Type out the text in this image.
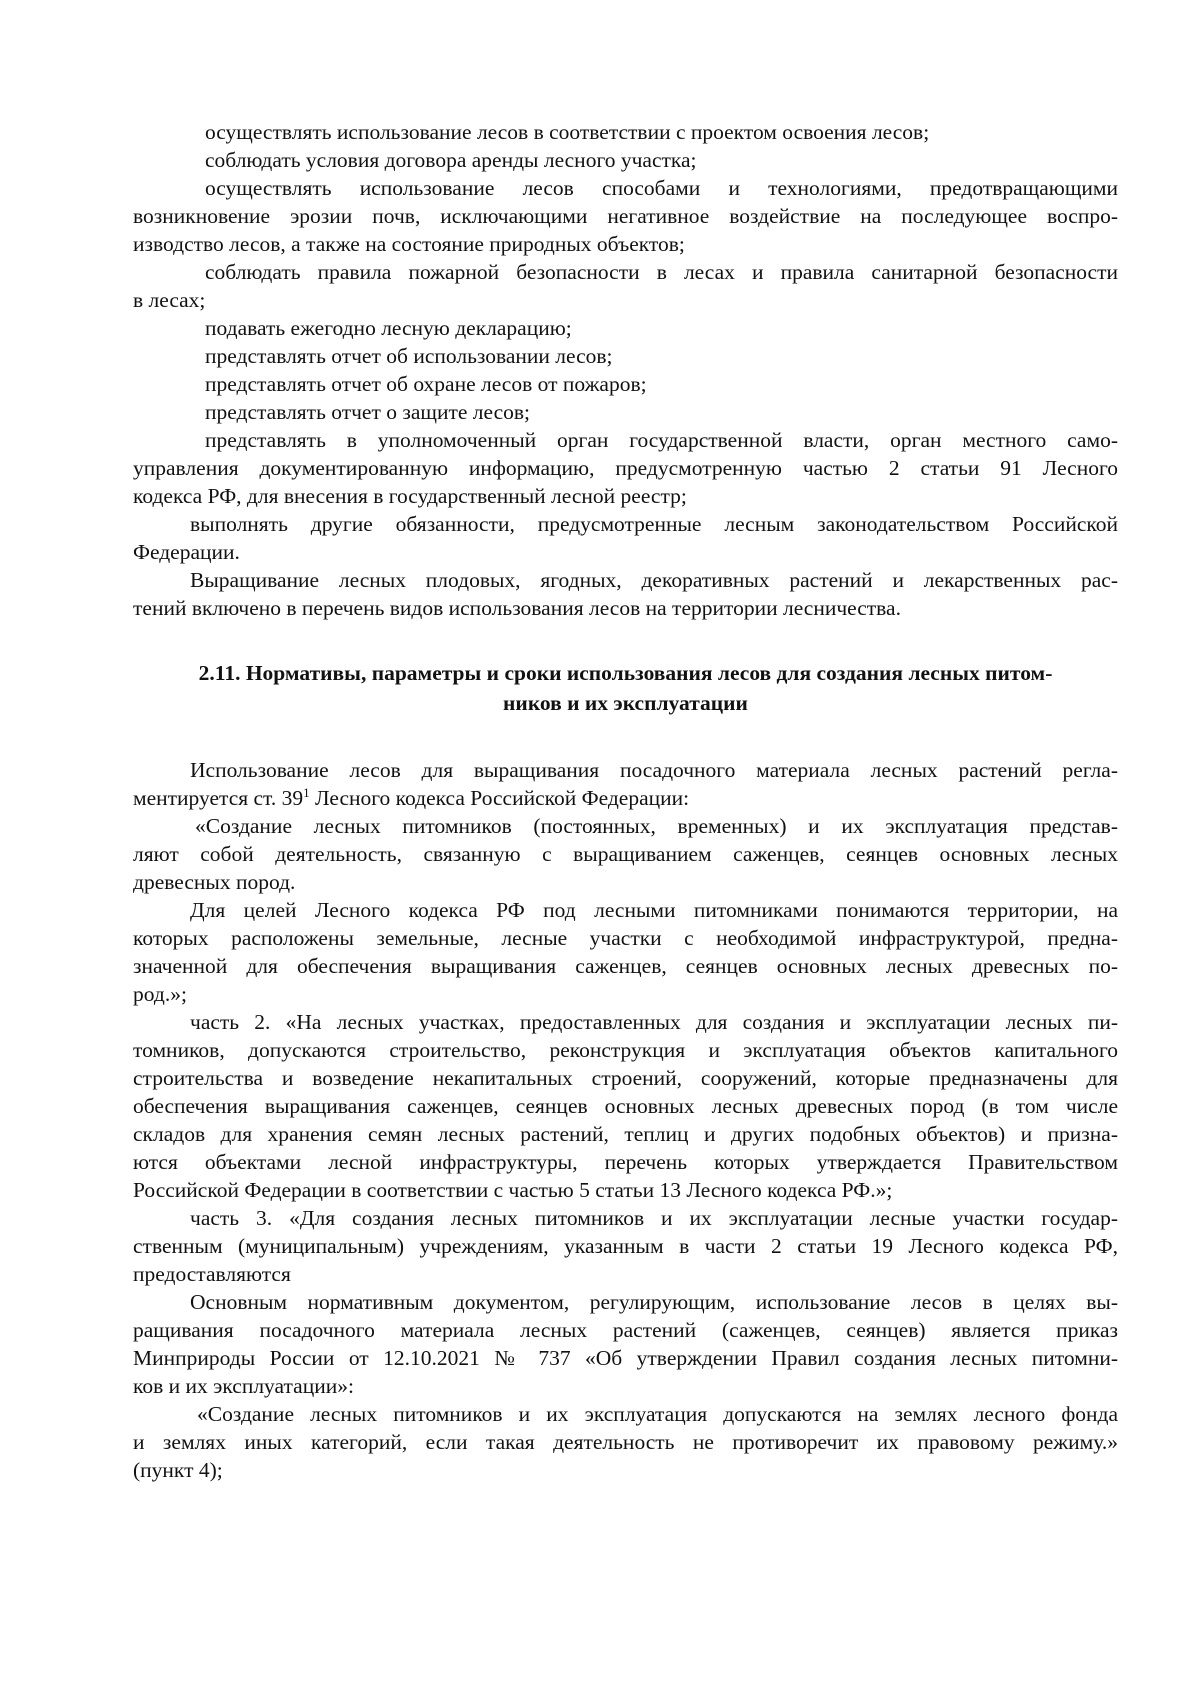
осуществлять использование лесов в соответствии с проектом освоения лесов;
соблюдать условия договора аренды лесного участка;
осуществлять использование лесов способами и технологиями, предотвращающими
возникновение эрозии почв, исключающими негативное воздействие на последующее воспро-
изводство лесов, а также на состояние природных объектов;
соблюдать правила пожарной безопасности в лесах и правила санитарной безопасности
в лесах;
подавать ежегодно лесную декларацию;
представлять отчет об использовании лесов;
представлять отчет об охране лесов от пожаров;
представлять отчет о защите лесов;
представлять в уполномоченный орган государственной власти, орган местного само-
управления документированную информацию, предусмотренную частью 2 статьи 91 Лесного
кодекса РФ, для внесения в государственный лесной реестр;
выполнять другие обязанности, предусмотренные лесным законодательством Российской
Федерации.
Выращивание лесных плодовых, ягодных, декоративных растений и лекарственных рас-
тений включено в перечень видов использования лесов на территории лесничества.
2.11. Нормативы, параметры и сроки использования лесов для создания лесных питом-
ников и их эксплуатации
Использование лесов для выращивания посадочного материала лесных растений регла-
ментируется ст. $39^1$ Лесного кодекса Российской Федерации:
«Создание лесных питомников (постоянных, временных) и их эксплуатация представ-
ляют собой деятельность, связанную с выращиванием саженцев, сеянцев основных лесных
древесных пород.
Для целей Лесного кодекса РФ под лесными питомниками понимаются территории, на
которых расположены земельные, лесные участки с необходимой инфраструктурой, предна-
значенной для обеспечения выращивания саженцев, сеянцев основных лесных древесных по-
род.»;
часть 2. «На лесных участках, предоставленных для создания и эксплуатации лесных пи-
томников, допускаются строительство, реконструкция и эксплуатация объектов капитального
строительства и возведение некапитальных строений, сооружений, которые предназначены для
обеспечения выращивания саженцев, сеянцев основных лесных древесных пород (в том числе
складов для хранения семян лесных растений, теплиц и других подобных объектов) и призна-
ются объектами лесной инфраструктуры, перечень которых утверждается Правительством
Российской Федерации в соответствии с частью 5 статьи 13 Лесного кодекса РФ.»;
часть 3. «Для создания лесных питомников и их эксплуатации лесные участки государ-
ственным (муниципальным) учреждениям, указанным в части 2 статьи 19 Лесного кодекса РФ,
предоставляются
Основным нормативным документом, регулирующим, использование лесов в целях вы-
ращивания посадочного материала лесных растений (саженцев, сеянцев) является приказ
Минприроды России от 12.10.2021 № 737 «Об утверждении Правил создания лесных питомни-
ков и их эксплуатации»:
«Создание лесных питомников и их эксплуатация допускаются на землях лесного фонда
и землях иных категорий, если такая деятельность не противоречит их правовому режиму.»
(пункт 4);
